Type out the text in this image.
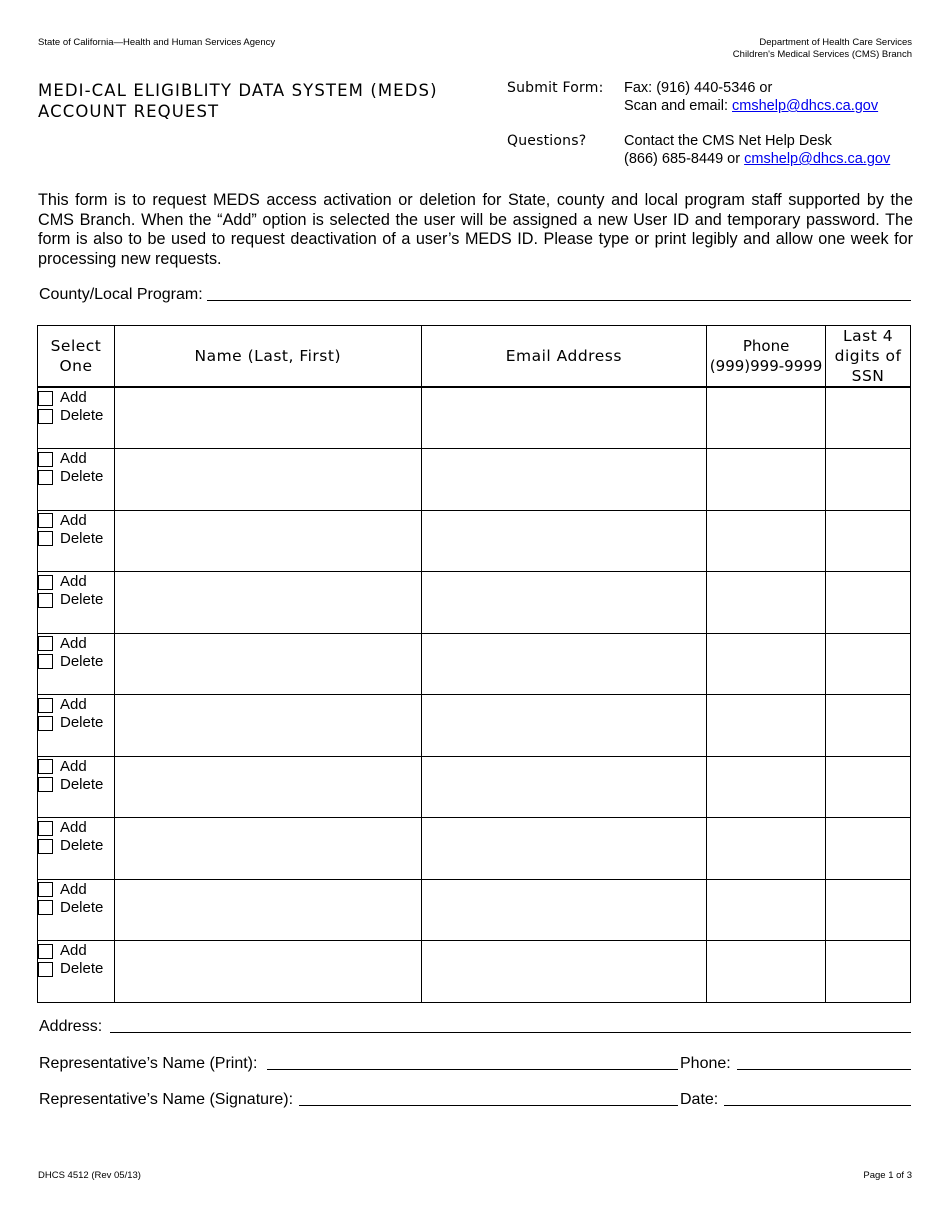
State of California—Health and Human Services Agency	Department of Health Care Services
Children's Medical Services (CMS) Branch
MEDI-CAL ELIGIBLITY DATA SYSTEM (MEDS)
ACCOUNT REQUEST
Submit Form:	Fax: (916) 440-5346 or
Scan and email: cmshelp@dhcs.ca.gov
Questions?	Contact the CMS Net Help Desk
(866) 685-8449 or cmshelp@dhcs.ca.gov

This form is to request MEDS access activation or deletion for State, county and local program staff supported by the CMS Branch. When the “Add” option is selected the user will be assigned a new User ID and temporary password. The form is also to be used to request deactivation of a user’s MEDS ID. Please type or print legibly and allow one week for processing new requests.

County/Local Program:
Select One	Name (Last, First)	Email Address	Phone (999)999-9999	Last 4 digits of SSN

Add
Delete				

Add
Delete				

Add
Delete				

Add
Delete				

Add
Delete				

Add
Delete				

Add
Delete				

Add
Delete				

Add
Delete				

Add
Delete				

Address:
Representative’s Name (Print):	Phone:
Representative’s Name (Signature):	Date:
DHCS 4512 (Rev 05/13)	Page 1 of 3
